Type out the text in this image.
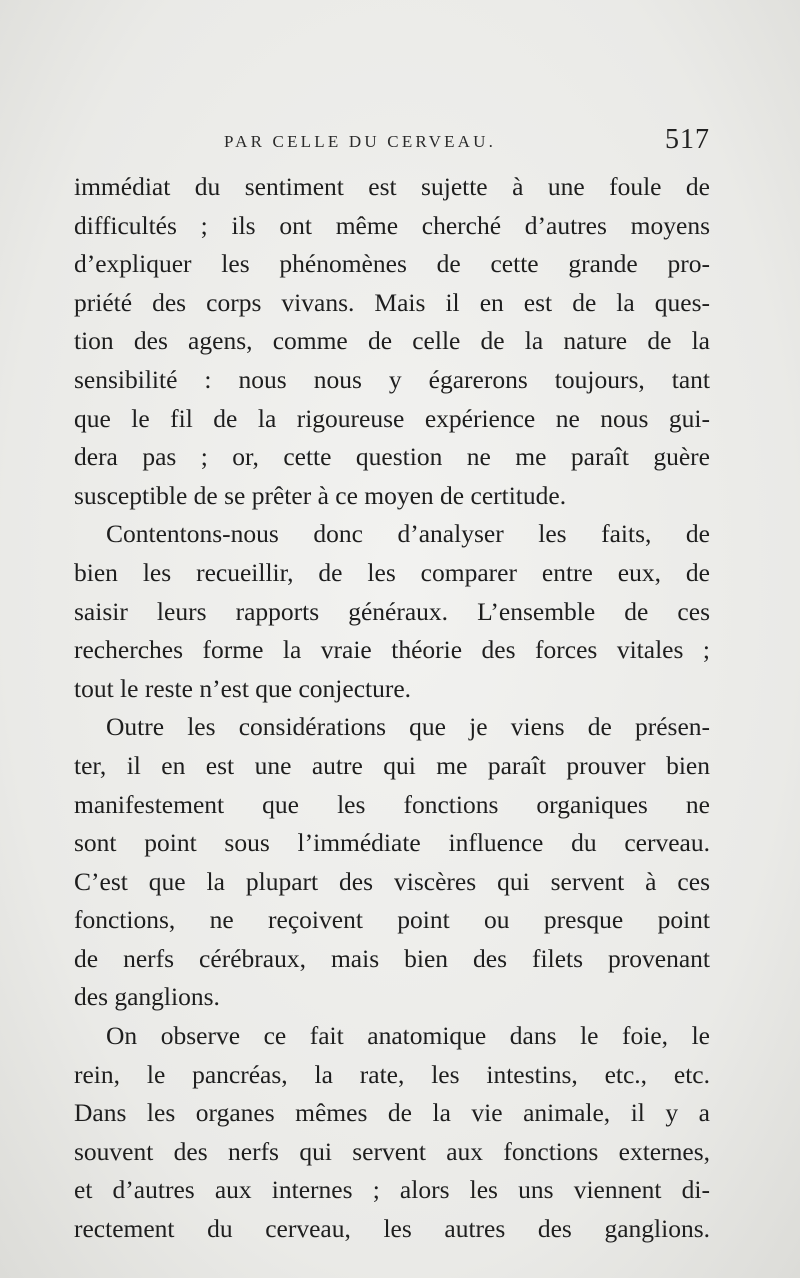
PAR CELLE DU CERVEAU.	517
immédiat du sentiment est sujette à une foule de
difficultés ; ils ont même cherché d’autres moyens
d’expliquer les phénomènes de cette grande pro-
priété des corps vivans. Mais il en est de la ques-
tion des agens, comme de celle de la nature de la
sensibilité : nous nous y égarerons toujours, tant
que le fil de la rigoureuse expérience ne nous gui-
dera pas ; or, cette question ne me paraît guère
susceptible de se prêter à ce moyen de certitude.
Contentons-nous donc d’analyser les faits, de
bien les recueillir, de les comparer entre eux, de
saisir leurs rapports généraux. L’ensemble de ces
recherches forme la vraie théorie des forces vitales ;
tout le reste n’est que conjecture.
Outre les considérations que je viens de présen-
ter, il en est une autre qui me paraît prouver bien
manifestement que les fonctions organiques ne
sont point sous l’immédiate influence du cerveau.
C’est que la plupart des viscères qui servent à ces
fonctions, ne reçoivent point ou presque point
de nerfs cérébraux, mais bien des filets provenant
des ganglions.
On observe ce fait anatomique dans le foie, le
rein, le pancréas, la rate, les intestins, etc., etc.
Dans les organes mêmes de la vie animale, il y a
souvent des nerfs qui servent aux fonctions externes,
et d’autres aux internes ; alors les uns viennent di-
rectement du cerveau, les autres des ganglions.
